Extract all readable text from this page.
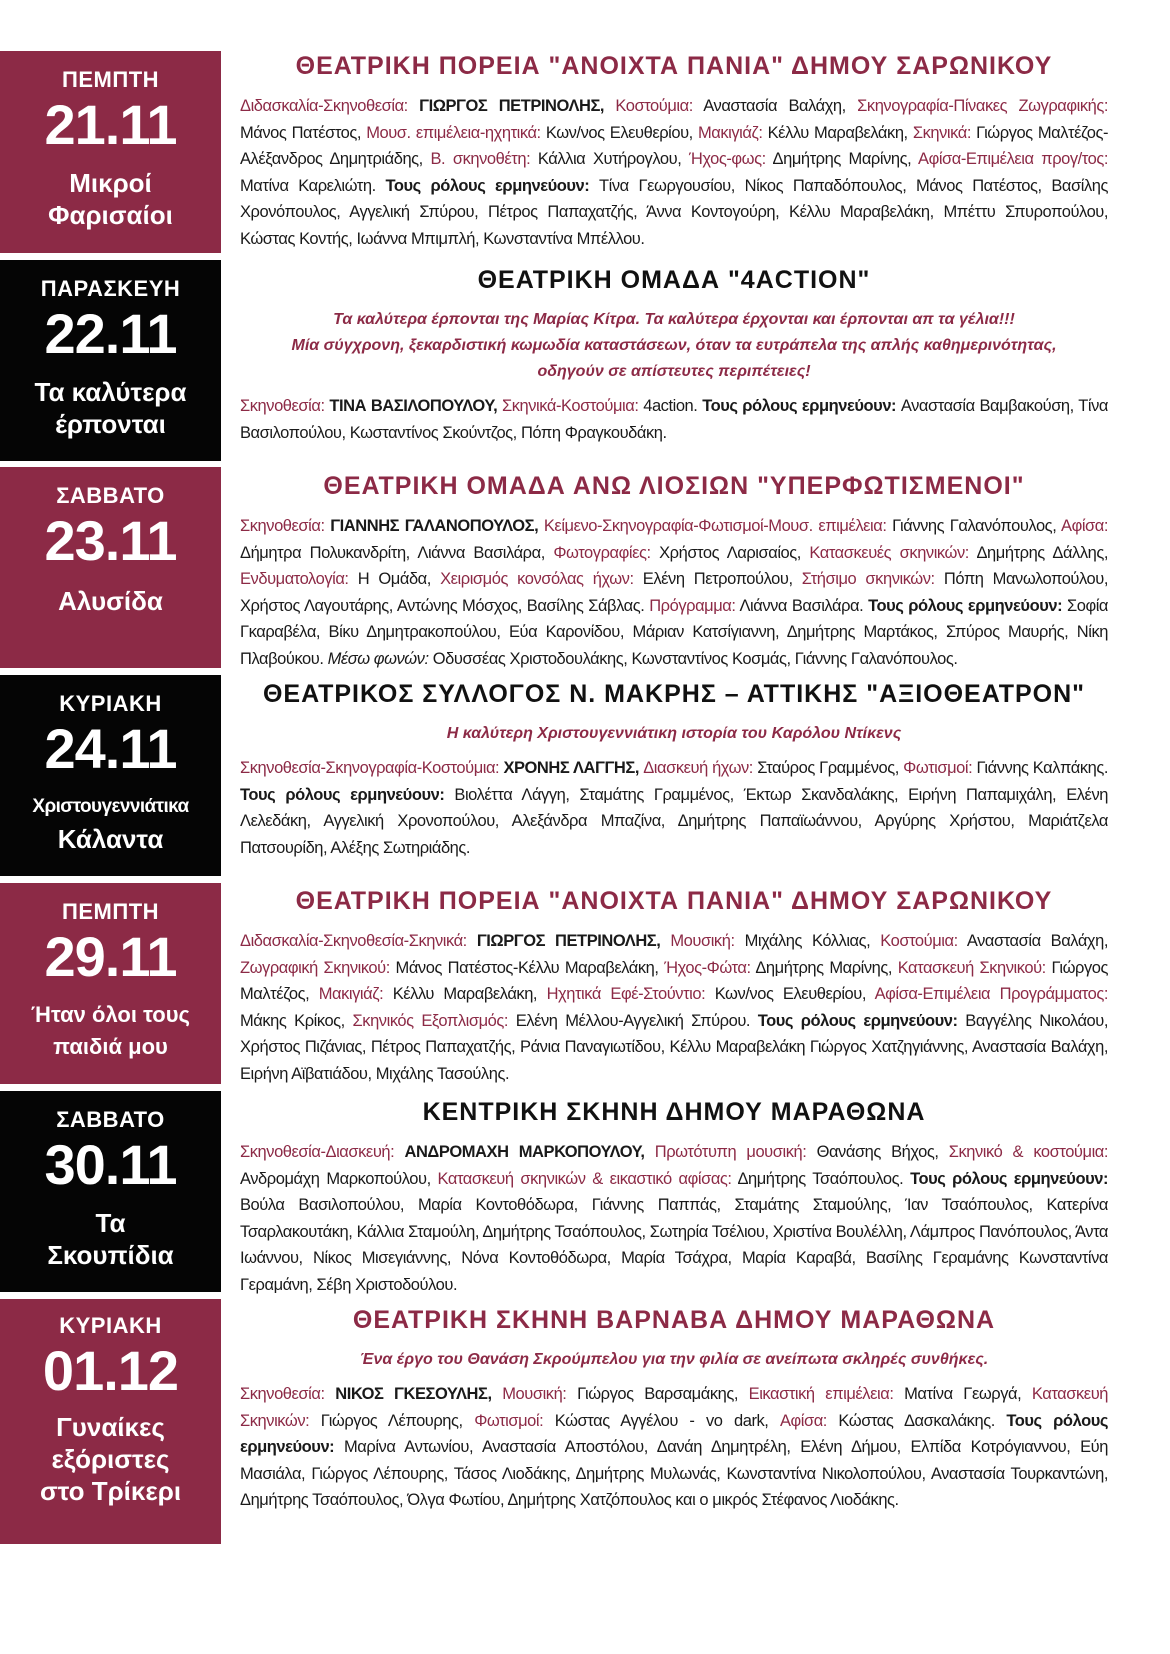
ΠΕΜΠΤΗ
21.11
Μικροί
Φαρισαίοι
ΘΕΑΤΡΙΚΗ ΠΟΡΕΙΑ "ΑΝΟΙΧΤΑ ΠΑΝΙΑ" ΔΗΜΟΥ ΣΑΡΩΝΙΚΟΥ

Διδασκαλία-Σκηνοθεσία: ΓΙΩΡΓΟΣ ΠΕΤΡΙΝΟΛΗΣ, Κοστούμια: Αναστασία Βαλάχη, Σκηνογραφία-Πίνακες Ζωγραφικής: Μάνος Πατέστος, Μουσ. επιμέλεια-ηχητικά: Κων/νος Ελευθερίου, Μακιγιάζ: Κέλλυ Μαραβελάκη, Σκηνικά: Γιώργος Μαλτέζος-Αλέξανδρος Δημητριάδης, Β. σκηνοθέτη: Κάλλια Χυτήρογλου, Ήχος-φως: Δημήτρης Μαρίνης, Αφίσα-Επιμέλεια προγ/τος: Ματίνα Καρελιώτη. Τους ρόλους ερμηνεύουν: Τίνα Γεωργουσίου, Νίκος Παπαδόπουλος, Μάνος Πατέστος, Βασίλης Χρονόπουλος, Αγγελική Σπύρου, Πέτρος Παπαχατζής, Άννα Κοντογούρη, Κέλλυ Μαραβελάκη, Μπέττυ Σπυροπούλου, Κώστας Κοντής, Ιωάννα Μπιμπλή, Κωνσταντίνα Μπέλλου.

ΠΑΡΑΣΚΕΥΗ
22.11
Τα καλύτερα
έρπονται
ΘΕΑΤΡΙΚΗ ΟΜΑΔΑ "4ACTION"
Τα καλύτερα έρπονται της Μαρίας Κίτρα. Τα καλύτερα έρχονται και έρπονται απ τα γέλια!!!
Μία σύγχρονη, ξεκαρδιστική κωμωδία καταστάσεων, όταν τα ευτράπελα της απλής καθημερινότητας,
οδηγούν σε απίστευτες περιπέτειες!

Σκηνοθεσία: ΤΙΝΑ ΒΑΣΙΛΟΠΟΥΛΟΥ, Σκηνικά-Κοστούμια: 4action. Τους ρόλους ερμηνεύουν: Αναστασία Βαμβακούση, Τίνα Βασιλοπούλου, Κωσταντίνος Σκούντζος, Πόπη Φραγκουδάκη.

ΣΑΒΒΑΤΟ
23.11
Αλυσίδα
ΘΕΑΤΡΙΚΗ ΟΜΑΔΑ ΑΝΩ ΛΙΟΣΙΩΝ "ΥΠΕΡΦΩΤΙΣΜΕΝΟΙ"

Σκηνοθεσία: ΓΙΑΝΝΗΣ ΓΑΛΑΝΟΠΟΥΛΟΣ, Κείμενο-Σκηνογραφία-Φωτισμοί-Μουσ. επιμέλεια: Γιάννης Γαλανόπουλος, Αφίσα: Δήμητρα Πολυκανδρίτη, Λιάννα Βασιλάρα, Φωτογραφίες: Χρήστος Λαρισαίος, Κατασκευές σκηνικών: Δημήτρης Δάλλης, Ενδυματολογία: Η Ομάδα, Χειρισμός κονσόλας ήχων: Ελένη Πετροπούλου, Στήσιμο σκηνικών: Πόπη Μανωλοπούλου, Χρήστος Λαγουτάρης, Αντώνης Μόσχος, Βασίλης Σάβλας. Πρόγραμμα: Λιάννα Βασιλάρα. Τους ρόλους ερμηνεύουν: Σοφία Γκαραβέλα, Βίκυ Δημητρακοπούλου, Εύα Καρονίδου, Μάριαν Κατσίγιαννη, Δημήτρης Μαρτάκος, Σπύρος Μαυρής, Νίκη Πλαβούκου. Μέσω φωνών: Οδυσσέας Χριστοδουλάκης, Κωνσταντίνος Κοσμάς, Γιάννης Γαλανόπουλος.

ΚΥΡΙΑΚΗ
24.11
Χριστουγεννιάτικα
Κάλαντα
ΘΕΑΤΡΙΚΟΣ ΣΥΛΛΟΓΟΣ Ν. ΜΑΚΡΗΣ – ΑΤΤΙΚΗΣ "ΑΞΙΟΘΕΑΤΡΟΝ"
Η καλύτερη Χριστουγεννιάτικη ιστορία του Καρόλου Ντίκενς

Σκηνοθεσία-Σκηνογραφία-Κοστούμια: ΧΡΟΝΗΣ ΛΑΓΓΗΣ, Διασκευή ήχων: Σταύρος Γραμμένος, Φωτισμοί: Γιάννης Καλπάκης. Τους ρόλους ερμηνεύουν: Βιολέττα Λάγγη, Σταμάτης Γραμμένος, Έκτωρ Σκανδαλάκης, Ειρήνη Παπαμιχάλη, Ελένη Λελεδάκη, Αγγελική Χρονοπούλου, Αλεξάνδρα Μπαζίνα, Δημήτρης Παπαϊωάννου, Αργύρης Χρήστου, Μαριάτζελα Πατσουρίδη, Αλέξης Σωτηριάδης.

ΠΕΜΠΤΗ
29.11
Ήταν όλοι τους
παιδιά μου
ΘΕΑΤΡΙΚΗ ΠΟΡΕΙΑ "ΑΝΟΙΧΤΑ ΠΑΝΙΑ" ΔΗΜΟΥ ΣΑΡΩΝΙΚΟΥ

Διδασκαλία-Σκηνοθεσία-Σκηνικά: ΓΙΩΡΓΟΣ ΠΕΤΡΙΝΟΛΗΣ, Μουσική: Μιχάλης Κόλλιας, Κοστούμια: Αναστασία Βαλάχη, Ζωγραφική Σκηνικού: Μάνος Πατέστος-Κέλλυ Μαραβελάκη, Ήχος-Φώτα: Δημήτρης Μαρίνης, Κατασκευή Σκηνικού: Γιώργος Μαλτέζος, Μακιγιάζ: Κέλλυ Μαραβελάκη, Ηχητικά Εφέ-Στούντιο: Κων/νος Ελευθερίου, Αφίσα-Επιμέλεια Προγράμματος: Μάκης Κρίκος, Σκηνικός Εξοπλισμός: Ελένη Μέλλου-Αγγελική Σπύρου. Τους ρόλους ερμηνεύουν: Βαγγέλης Νικολάου, Χρήστος Πιζάνιας, Πέτρος Παπαχατζής, Ράνια Παναγιωτίδου, Κέλλυ Μαραβελάκη Γιώργος Χατζηγιάννης, Αναστασία Βαλάχη, Ειρήνη Αϊβατιάδου, Μιχάλης Τασούλης.

ΣΑΒΒΑΤΟ
30.11
Τα
Σκουπίδια
ΚΕΝΤΡΙΚΗ ΣΚΗΝΗ ΔΗΜΟΥ ΜΑΡΑΘΩΝΑ

Σκηνοθεσία-Διασκευή: ΑΝΔΡΟΜΑΧΗ ΜΑΡΚΟΠΟΥΛΟΥ, Πρωτότυπη μουσική: Θανάσης Βήχος, Σκηνικό & κοστούμια: Ανδρομάχη Μαρκοπούλου, Κατασκευή σκηνικών & εικαστικό αφίσας: Δημήτρης Τσαόπουλος. Τους ρόλους ερμηνεύουν: Βούλα Βασιλοπούλου, Μαρία Κοντοθόδωρα, Γιάννης Παππάς, Σταμάτης Σταμούλης, Ίαν Τσαόπουλος, Κατερίνα Τσαρλακουτάκη, Κάλλια Σταμούλη, Δημήτρης Τσαόπουλος, Σωτηρία Τσέλιου, Χριστίνα Βουλέλλη, Λάμπρος Πανόπουλος, Άντα Ιωάννου, Νίκος Μισεγιάννης, Νόνα Κοντοθόδωρα, Μαρία Τσάχρα, Μαρία Καραβά, Βασίλης Γεραμάνης Κωνσταντίνα Γεραμάνη, Σέβη Χριστοδούλου.

ΚΥΡΙΑΚΗ
01.12
Γυναίκες
εξόριστες
στο Τρίκερι
ΘΕΑΤΡΙΚΗ ΣΚΗΝΗ ΒΑΡΝΑΒΑ ΔΗΜΟΥ ΜΑΡΑΘΩΝΑ
Ένα έργο του Θανάση Σκρούμπελου για την φιλία σε ανείπωτα σκληρές συνθήκες.

Σκηνοθεσία: ΝΙΚΟΣ ΓΚΕΣΟΥΛΗΣ, Μουσική: Γιώργος Βαρσαμάκης, Εικαστική επιμέλεια: Ματίνα Γεωργά, Κατασκευή Σκηνικών: Γιώργος Λέπουρης, Φωτισμοί: Κώστας Αγγέλου - vo dark, Αφίσα: Κώστας Δασκαλάκης. Τους ρόλους ερμηνεύουν: Μαρίνα Αντωνίου, Αναστασία Αποστόλου, Δανάη Δημητρέλη, Ελένη Δήμου, Ελπίδα Κοτρόγιαννου, Εύη Μασιάλα, Γιώργος Λέπουρης, Τάσος Λιοδάκης, Δημήτρης Μυλωνάς, Κωνσταντίνα Νικολοπούλου, Αναστασία Τουρκαντώνη, Δημήτρης Τσαόπουλος, Όλγα Φωτίου, Δημήτρης Χατζόπουλος και ο μικρός Στέφανος Λιοδάκης.
